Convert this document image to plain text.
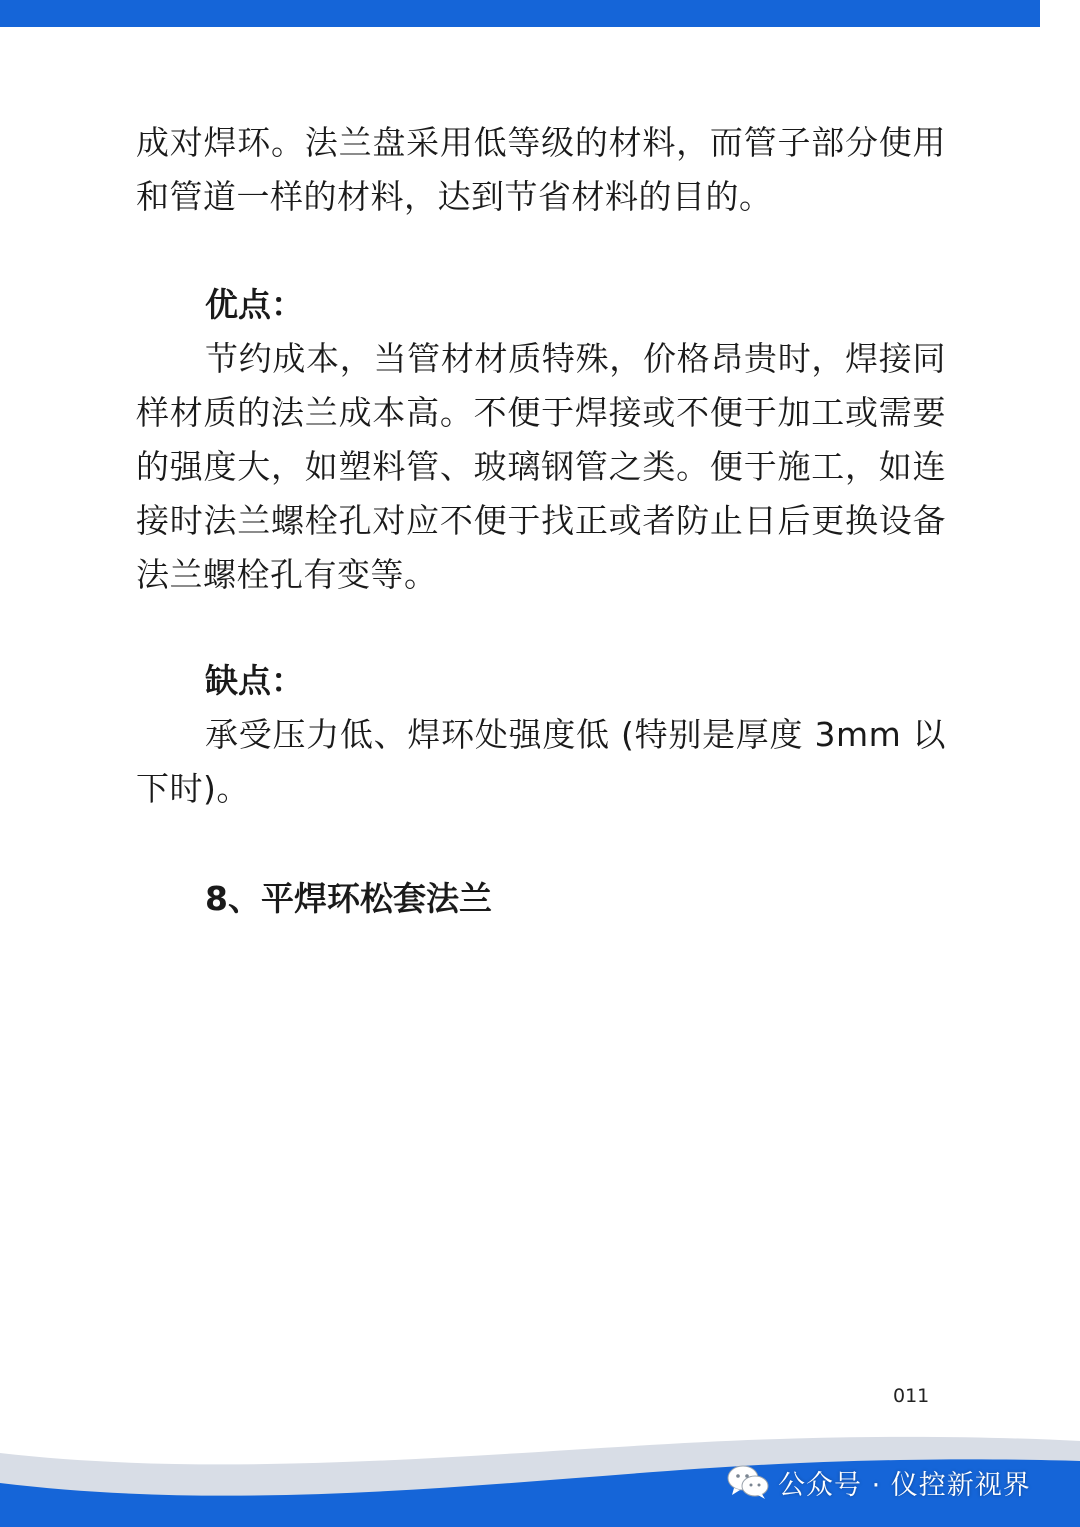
成对焊环。法兰盘采用低等级的材料，而管子部分使用和管道一样的材料，达到节省材料的目的。

优点：

节约成本，当管材材质特殊，价格昂贵时，焊接同样材质的法兰成本高。不便于焊接或不便于加工或需要的强度大，如塑料管、玻璃钢管之类。便于施工，如连接时法兰螺栓孔对应不便于找正或者防止日后更换设备法兰螺栓孔有变等。

缺点：

承受压力低、焊环处强度低 (特别是厚度 3mm 以下时)。

8、平焊环松套法兰

011
公众号 · 仪控新视界
